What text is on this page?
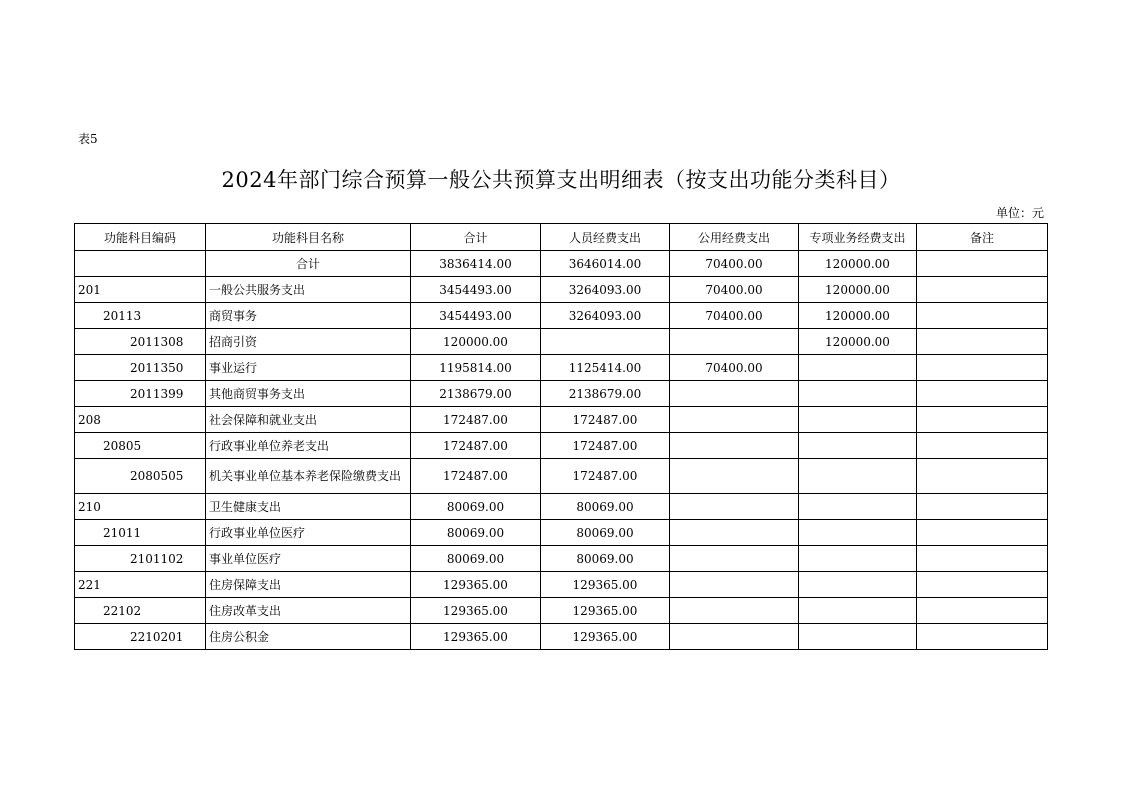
表5
2024年部门综合预算一般公共预算支出明细表（按支出功能分类科目）
单位：元
功能科目编码	功能科目名称	合计	人员经费支出	公用经费支出	专项业务经费支出	备注
	合计	3836414.00	3646014.00	70400.00	120000.00	
201	一般公共服务支出	3454493.00	3264093.00	70400.00	120000.00	
20113	商贸事务	3454493.00	3264093.00	70400.00	120000.00	
2011308	招商引资	120000.00			120000.00	
2011350	事业运行	1195814.00	1125414.00	70400.00		
2011399	其他商贸事务支出	2138679.00	2138679.00			
208	社会保障和就业支出	172487.00	172487.00			
20805	行政事业单位养老支出	172487.00	172487.00			
2080505	机关事业单位基本养老保险缴费支出	172487.00	172487.00			
210	卫生健康支出	80069.00	80069.00			
21011	行政事业单位医疗	80069.00	80069.00			
2101102	事业单位医疗	80069.00	80069.00			
221	住房保障支出	129365.00	129365.00			
22102	住房改革支出	129365.00	129365.00			
2210201	住房公积金	129365.00	129365.00			
